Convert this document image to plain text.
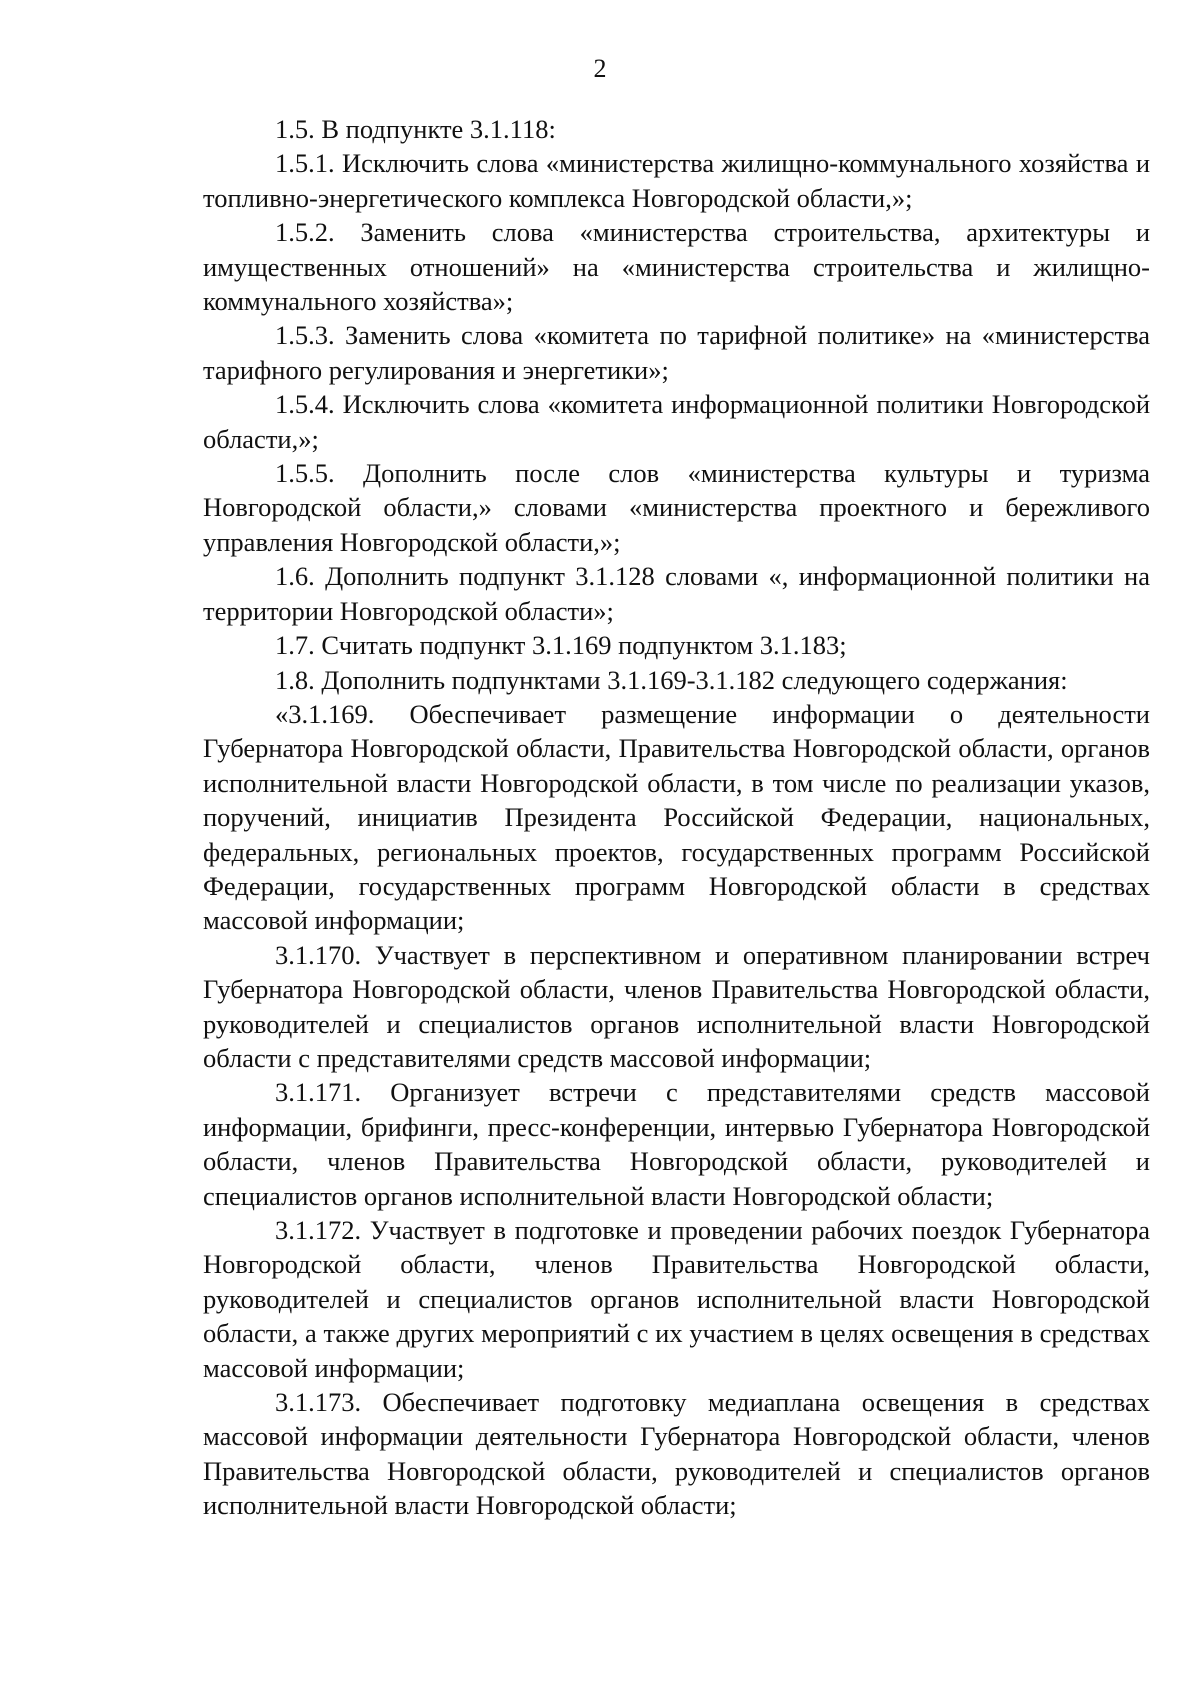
2

1.5. В подпункте 3.1.118:

1.5.1. Исключить слова «министерства жилищно-коммунального хозяйства и топливно-энергетического комплекса Новгородской области,»;

1.5.2. Заменить слова «министерства строительства, архитектуры и имущественных отношений» на «министерства строительства и жилищно-коммунального хозяйства»;

1.5.3. Заменить слова «комитета по тарифной политике» на «министерства тарифного регулирования и энергетики»;

1.5.4. Исключить слова «комитета информационной политики Новгородской области,»;

1.5.5. Дополнить после слов «министерства культуры и туризма Новгородской области,» словами «министерства проектного и бережливого управления Новгородской области,»;

1.6. Дополнить подпункт 3.1.128 словами «, информационной политики на территории Новгородской области»;

1.7. Считать подпункт 3.1.169 подпунктом 3.1.183;

1.8. Дополнить подпунктами 3.1.169-3.1.182 следующего содержания:

«3.1.169. Обеспечивает размещение информации о деятельности Губернатора Новгородской области, Правительства Новгородской области, органов исполнительной власти Новгородской области, в том числе по реализации указов, поручений, инициатив Президента Российской Федерации, национальных, федеральных, региональных проектов, государственных программ Российской Федерации, государственных программ Новгородской области в средствах массовой информации;

3.1.170. Участвует в перспективном и оперативном планировании встреч Губернатора Новгородской области, членов Правительства Новгородской области, руководителей и специалистов органов исполнительной власти Новгородской области с представителями средств массовой информации;

3.1.171. Организует встречи с представителями средств массовой информации, брифинги, пресс-конференции, интервью Губернатора Новгородской области, членов Правительства Новгородской области, руководителей и специалистов органов исполнительной власти Новгородской области;

3.1.172. Участвует в подготовке и проведении рабочих поездок Губернатора Новгородской области, членов Правительства Новгородской области, руководителей и специалистов органов исполнительной власти Новгородской области, а также других мероприятий с их участием в целях освещения в средствах массовой информации;

3.1.173. Обеспечивает подготовку медиаплана освещения в средствах массовой информации деятельности Губернатора Новгородской области, членов Правительства Новгородской области, руководителей и специалистов органов исполнительной власти Новгородской области;
